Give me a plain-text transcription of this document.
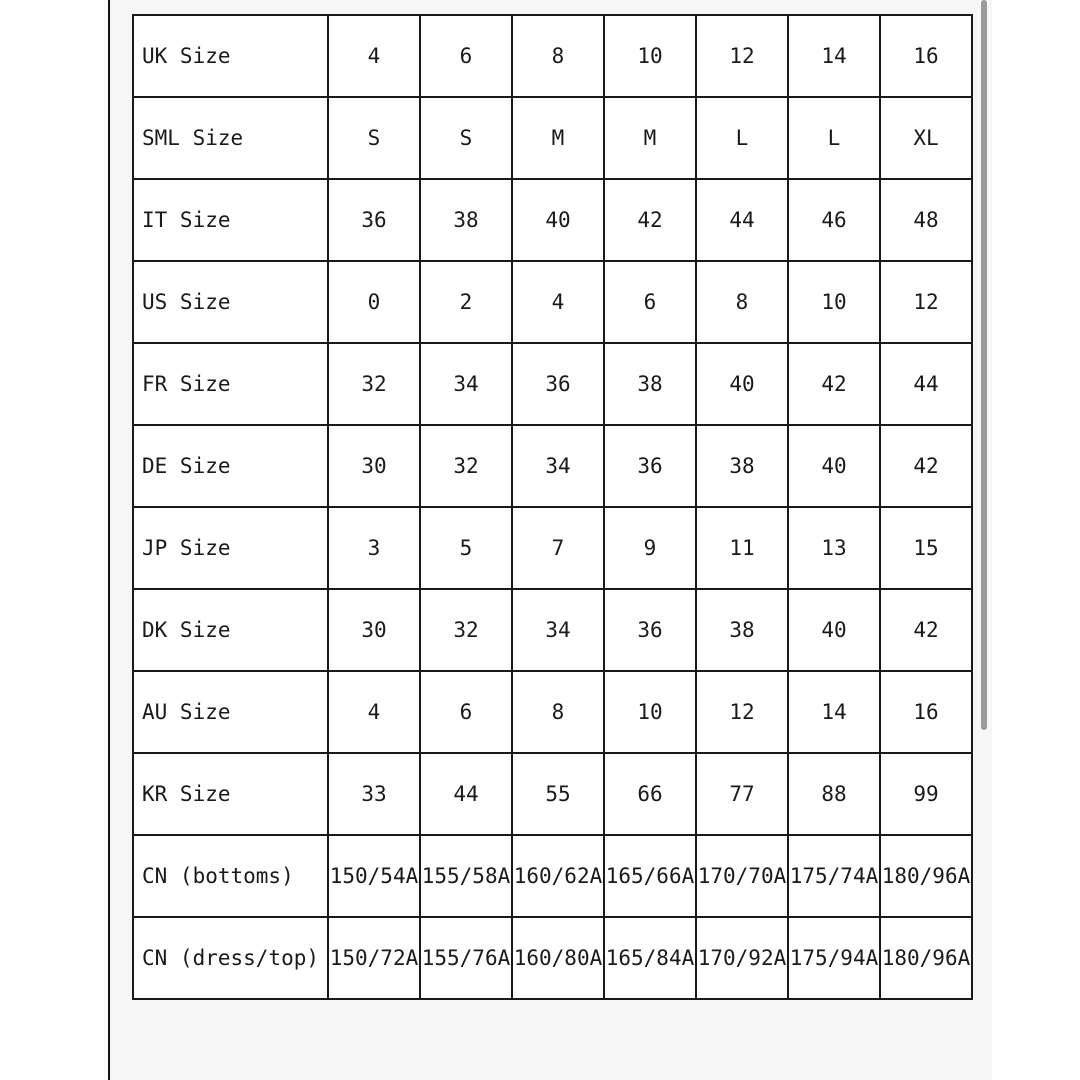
UK Size	4	6	8	10	12	14	16
SML Size	S	S	M	M	L	L	XL
IT Size	36	38	40	42	44	46	48
US Size	0	2	4	6	8	10	12
FR Size	32	34	36	38	40	42	44
DE Size	30	32	34	36	38	40	42
JP Size	3	5	7	9	11	13	15
DK Size	30	32	34	36	38	40	42
AU Size	4	6	8	10	12	14	16
KR Size	33	44	55	66	77	88	99
CN (bottoms)	150/54A	155/58A	160/62A	165/66A	170/70A	175/74A	180/96A
CN (dress/top)	150/72A	155/76A	160/80A	165/84A	170/92A	175/94A	180/96A
